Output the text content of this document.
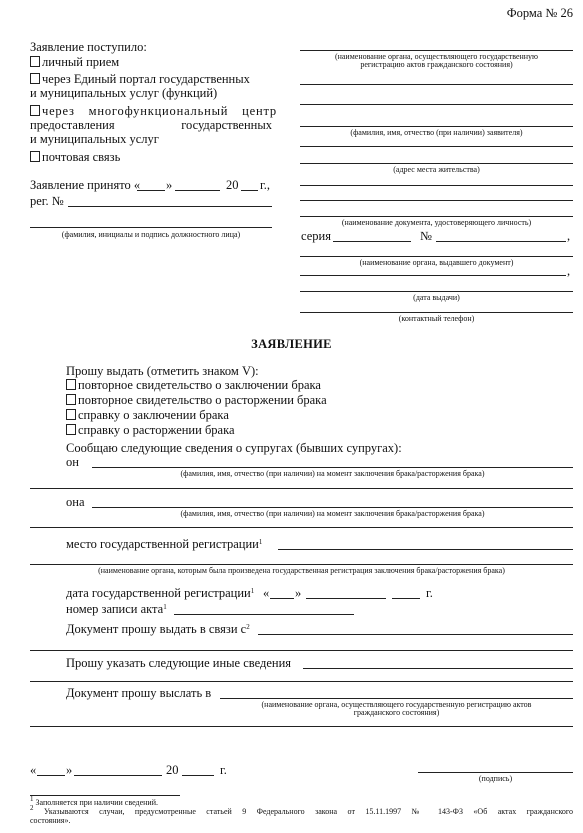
Форма № 26
Заявление поступило:
личный прием
через Единый портал государственных
и муниципальных услуг (функций)
через многофункциональный центр
предоставления государственных
и муниципальных услуг
почтовая связь
Заявление принято « »	20 г.,
рег. №
(фамилия, инициалы и подпись должностного лица)
(наименование органа, осуществляющего государственную
регистрацию актов гражданского состояния)
(фамилия, имя, отчество (при наличии) заявителя)
(адрес места жительства)
(наименование документа, удостоверяющего личность)
серия	№	,
(наименование органа, выдавшего документ)
,
(дата выдачи)
(контактный телефон)
ЗАЯВЛЕНИЕ
Прошу выдать (отметить знаком V):
повторное свидетельство о заключении брака
повторное свидетельство о расторжении брака
справку о заключении брака
справку о расторжении брака
Сообщаю следующие сведения о супругах (бывших супругах):
он
(фамилия, имя, отчество (при наличии) на момент заключения брака/расторжения брака)
она
(фамилия, имя, отчество (при наличии) на момент заключения брака/расторжения брака)
место государственной регистрации$^1$
(наименование органа, которым была произведена государственная регистрация заключения брака/расторжения брака)
дата государственной регистрации$^1$ « »	г.
номер записи акта$^1$
Документ прошу выдать в связи $с^2$
Прошу указать следующие иные сведения
Документ прошу выслать в
(наименование органа, осуществляющего государственную регистрацию актов
гражданского состояния)
« »	20	г.
(подпись)
$^1$ Заполняется при наличии сведений.
$^2$ Указываются случаи, предусмотренные статьей 9 Федерального закона от 15.11.1997 № 143-ФЗ «Об актах гражданского
состояния».
